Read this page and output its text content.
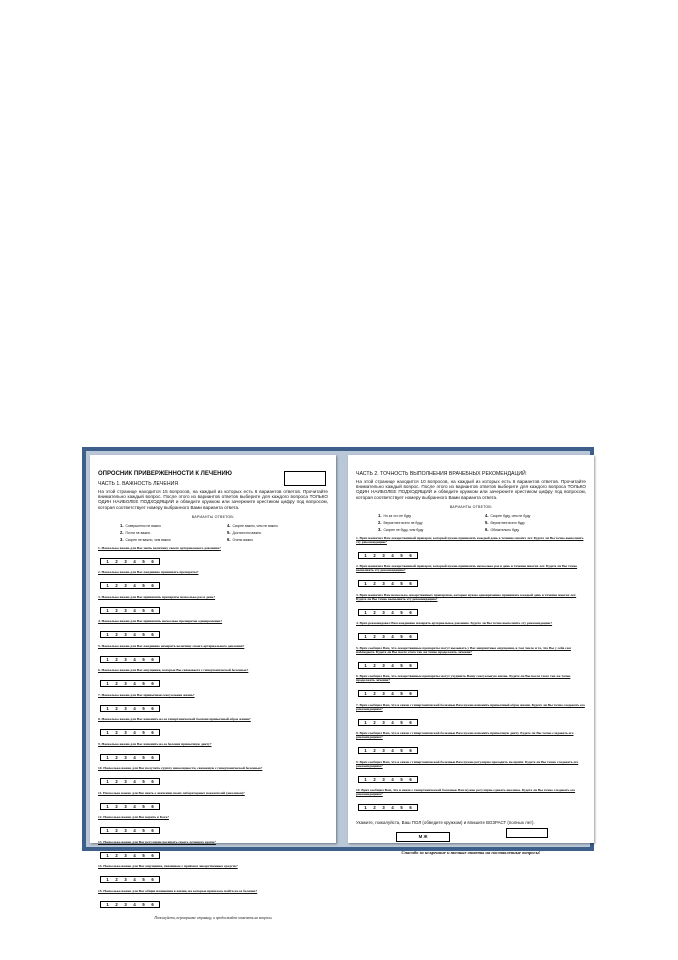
ОПРОСНИК ПРИВЕРЖЕННОСТИ К ЛЕЧЕНИЮ
ЧАСТЬ 1. ВАЖНОСТЬ ЛЕЧЕНИЯ
На этой странице находится 15 вопросов, на каждый из которых есть 6 вариантов ответов. Прочитайте внимательно каждый вопрос. После этого из вариантов ответов выберите для каждого вопроса ТОЛЬКО ОДИН НАИБОЛЕЕ ПОДХОДЯЩИЙ и обведите кружком или зачеркните крестиком цифру под вопросом, которая соответствует номеру выбранного Вами варианта ответа.
ВАРИАНТЫ ОТВЕТОВ:
1. Совершенно не важно	4. Скорее важно, чем не важно
2. Почти не важно	5. Достаточно важно
3. Скорее не важно, чем важно	6. Очень важно
1. Насколько важно для Вас знать величину своего артериального давления?
1	2	3	4	5	6
2. Насколько важно для Вас ежедневно принимать препараты?
1	2	3	4	5	6
3. Насколько важно для Вас принимать препараты несколько раз в день?
1	2	3	4	5	6
4. Насколько важно для Вас принимать несколько препаратов одновременно?
1	2	3	4	5	6
5. Насколько важно для Вас ежедневно измерять величину своего артериального давления?
1	2	3	4	5	6
6. Насколько важно для Вас ощущения, которые Вы связываете с гипертонической болезнью?
1	2	3	4	5	6
7. Насколько важно для Вас привычная сексуальная жизнь?
1	2	3	4	5	6
8. Насколько важно для Вас изменить из-за гипертонической болезни привычный образ жизни?
1	2	3	4	5	6
9. Насколько важно для Вас изменить из-за болезни привычную диету?
1	2	3	4	5	6
10. Насколько важно для Вас получить группу инвалидности, связанную с гипертонической болезнью?
1	2	3	4	5	6
11. Насколько важно для Вас знать о значении своих лабораторных показателей (анализов)?
1	2	3	4	5	6
12. Насколько важно для Вас верить в Бога?
1	2	3	4	5	6
13. Насколько важно для Вас регулярно посещать своего лечащего врача?
1	2	3	4	5	6
14. Насколько важно для Вас ощущения, связанные с приёмом лекарственных средств?
1	2	3	4	5	6
15. Насколько важно для Вас общие изменения в жизни, на которые пришлось пойти из-за болезни?
1	2	3	4	5	6
Пожалуйста, переверните страницу, и продолжайте отвечать на вопросы
ЧАСТЬ 2. ТОЧНОСТЬ ВЫПОЛНЕНИЯ ВРАЧЕБНЫХ РЕКОМЕНДАЦИЙ
На этой странице находится 10 вопросов, на каждый из которых есть 6 вариантов ответов. Прочитайте внимательно каждый вопрос. После этого из вариантов ответов выберите для каждого вопроса ТОЛЬКО ОДИН НАИБОЛЕЕ ПОДХОДЯЩИЙ и обведите кружком или зачеркните крестиком цифру под вопросом, которая соответствует номеру выбранного Вами варианта ответа.
ВАРИАНТЫ ОТВЕТОВ:
1. Но за что не буду	4. Скорее буду, чем не буду
2. Вероятнее всего не буду	5. Вероятнее всего буду
3. Скорее не буду, чем буду	6. Обязательно буду
1. Врач назначил Вам лекарственный препарат, который нужно принимать каждый день в течение многих лет. Будете ли Вы точно выполнять эту рекомендацию?
1	2	3	4	5	6
2. Врач назначил Вам лекарственный препарат, который нужно принимать несколько раз в день в течение многих лет. Будете ли Вы точно выполнять эту рекомендацию?
1	2	3	4	5	6
3. Врач назначил Вам несколько лекарственных препаратов, которые нужно одновременно принимать каждый день в течение многих лет. Будете ли Вы точно выполнять эту рекомендацию?
1	2	3	4	5	6
4. Врач рекомендовал Вам ежедневно измерять артериальное давление. Будете ли Вы точно выполнять эту рекомендацию?
1	2	3	4	5	6
5. Врач сообщил Вам, что лекарственные препараты могут вызывать у Вас неприятные ощущения, в том числе и те, что Вы у себя сам наблюдаете. Будете ли Вы после этого так же точно продолжать лечение?
1	2	3	4	5	6
6. Врач сообщил Вам, что лекарственные препараты могут ухудшить Вашу сексуальную жизнь. Будете ли Вы после этого так же точно продолжать лечение?
1	2	3	4	5	6
7. Врач сообщил Вам, что в связи с гипертонической болезнью Вам нужно изменить привычный образ жизни. Будете ли Вы точно следовать его рекомендациям?
1	2	3	4	5	6
8. Врач сообщил Вам, что в связи с гипертонической болезнью Вам нужно изменить привычную диету. Будете ли Вы точно следовать его рекомендациям?
1	2	3	4	5	6
9. Врач сообщил Вам, что в связи с гипертонической болезнью Вам нужно регулярно проходить на приём. Будете ли Вы точно следовать его рекомендациям?
1	2	3	4	5	6
10. Врач сообщил Вам, что в связи с гипертонической болезнью Вам нужно регулярно сдавать анализы. Будете ли Вы точно следовать его рекомендациям?
1	2	3	4	5	6
Укажите, пожалуйста, Ваш ПОЛ (обведите кружком) и впишите ВОЗРАСТ (полных лет).
М Ж
Спасибо за искренние и точные ответы на поставленные вопросы!
